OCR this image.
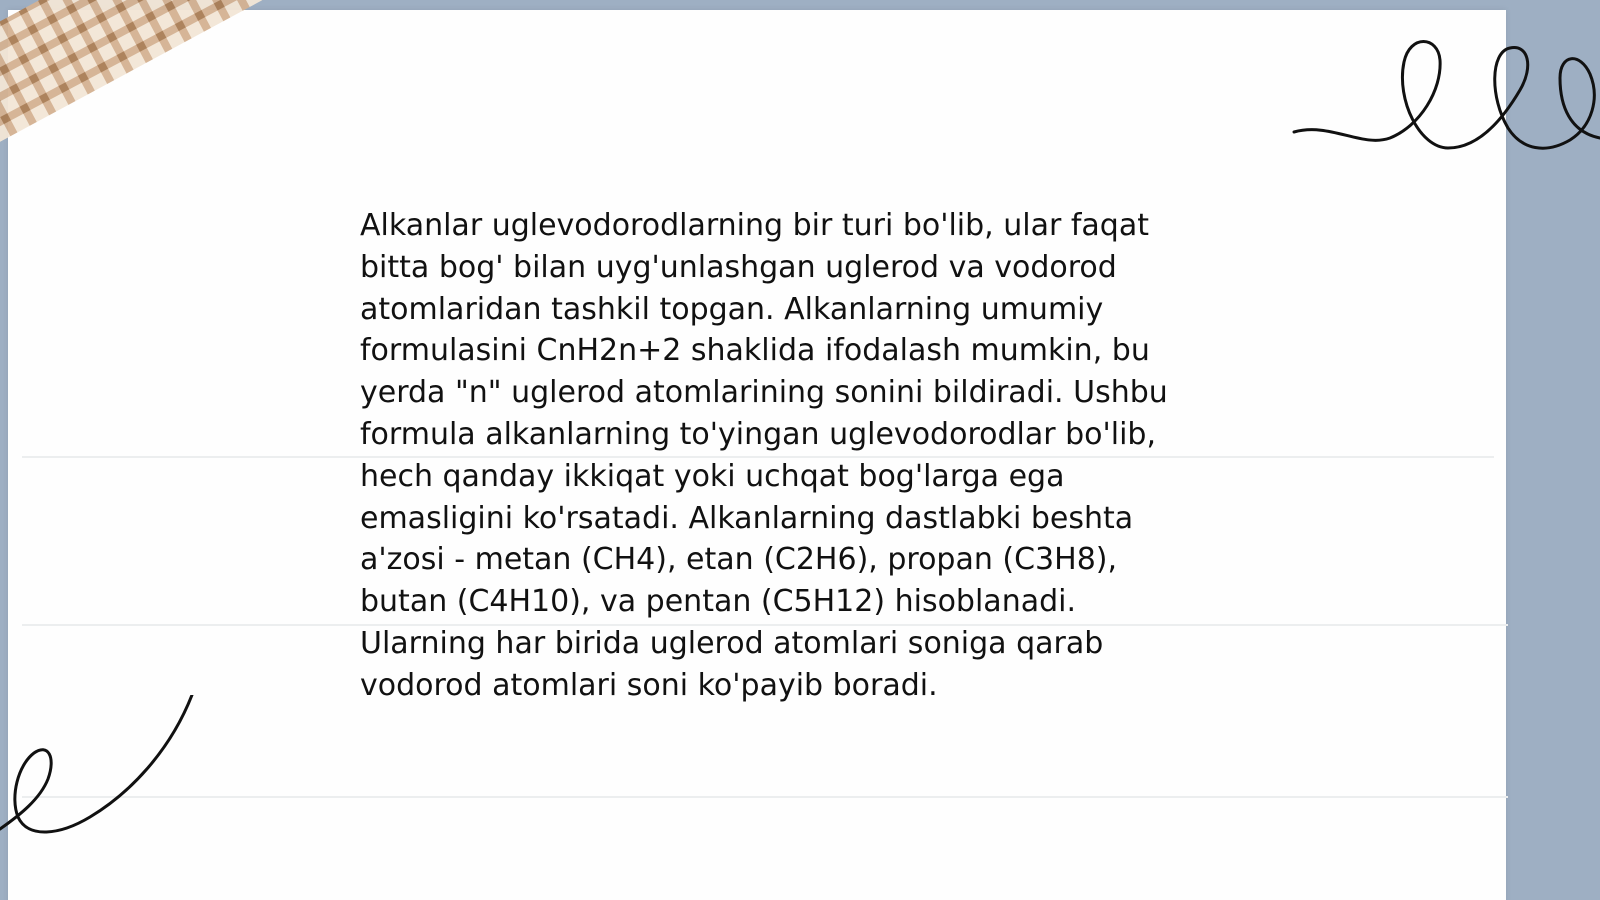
Alkanlar uglevodorodlarning bir turi bo'lib, ular faqat
bitta bog' bilan uyg'unlashgan uglerod va vodorod
atomlaridan tashkil topgan. Alkanlarning umumiy
formulasini CnH2n+2 shaklida ifodalash mumkin, bu
yerda "n" uglerod atomlarining sonini bildiradi. Ushbu
formula alkanlarning to'yingan uglevodorodlar bo'lib,
hech qanday ikkiqat yoki uchqat bog'larga ega
emasligini ko'rsatadi. Alkanlarning dastlabki beshta
a'zosi - metan (CH4), etan (C2H6), propan (C3H8),
butan (C4H10), va pentan (C5H12) hisoblanadi.
Ularning har birida uglerod atomlari soniga qarab
vodorod atomlari soni ko'payib boradi.
